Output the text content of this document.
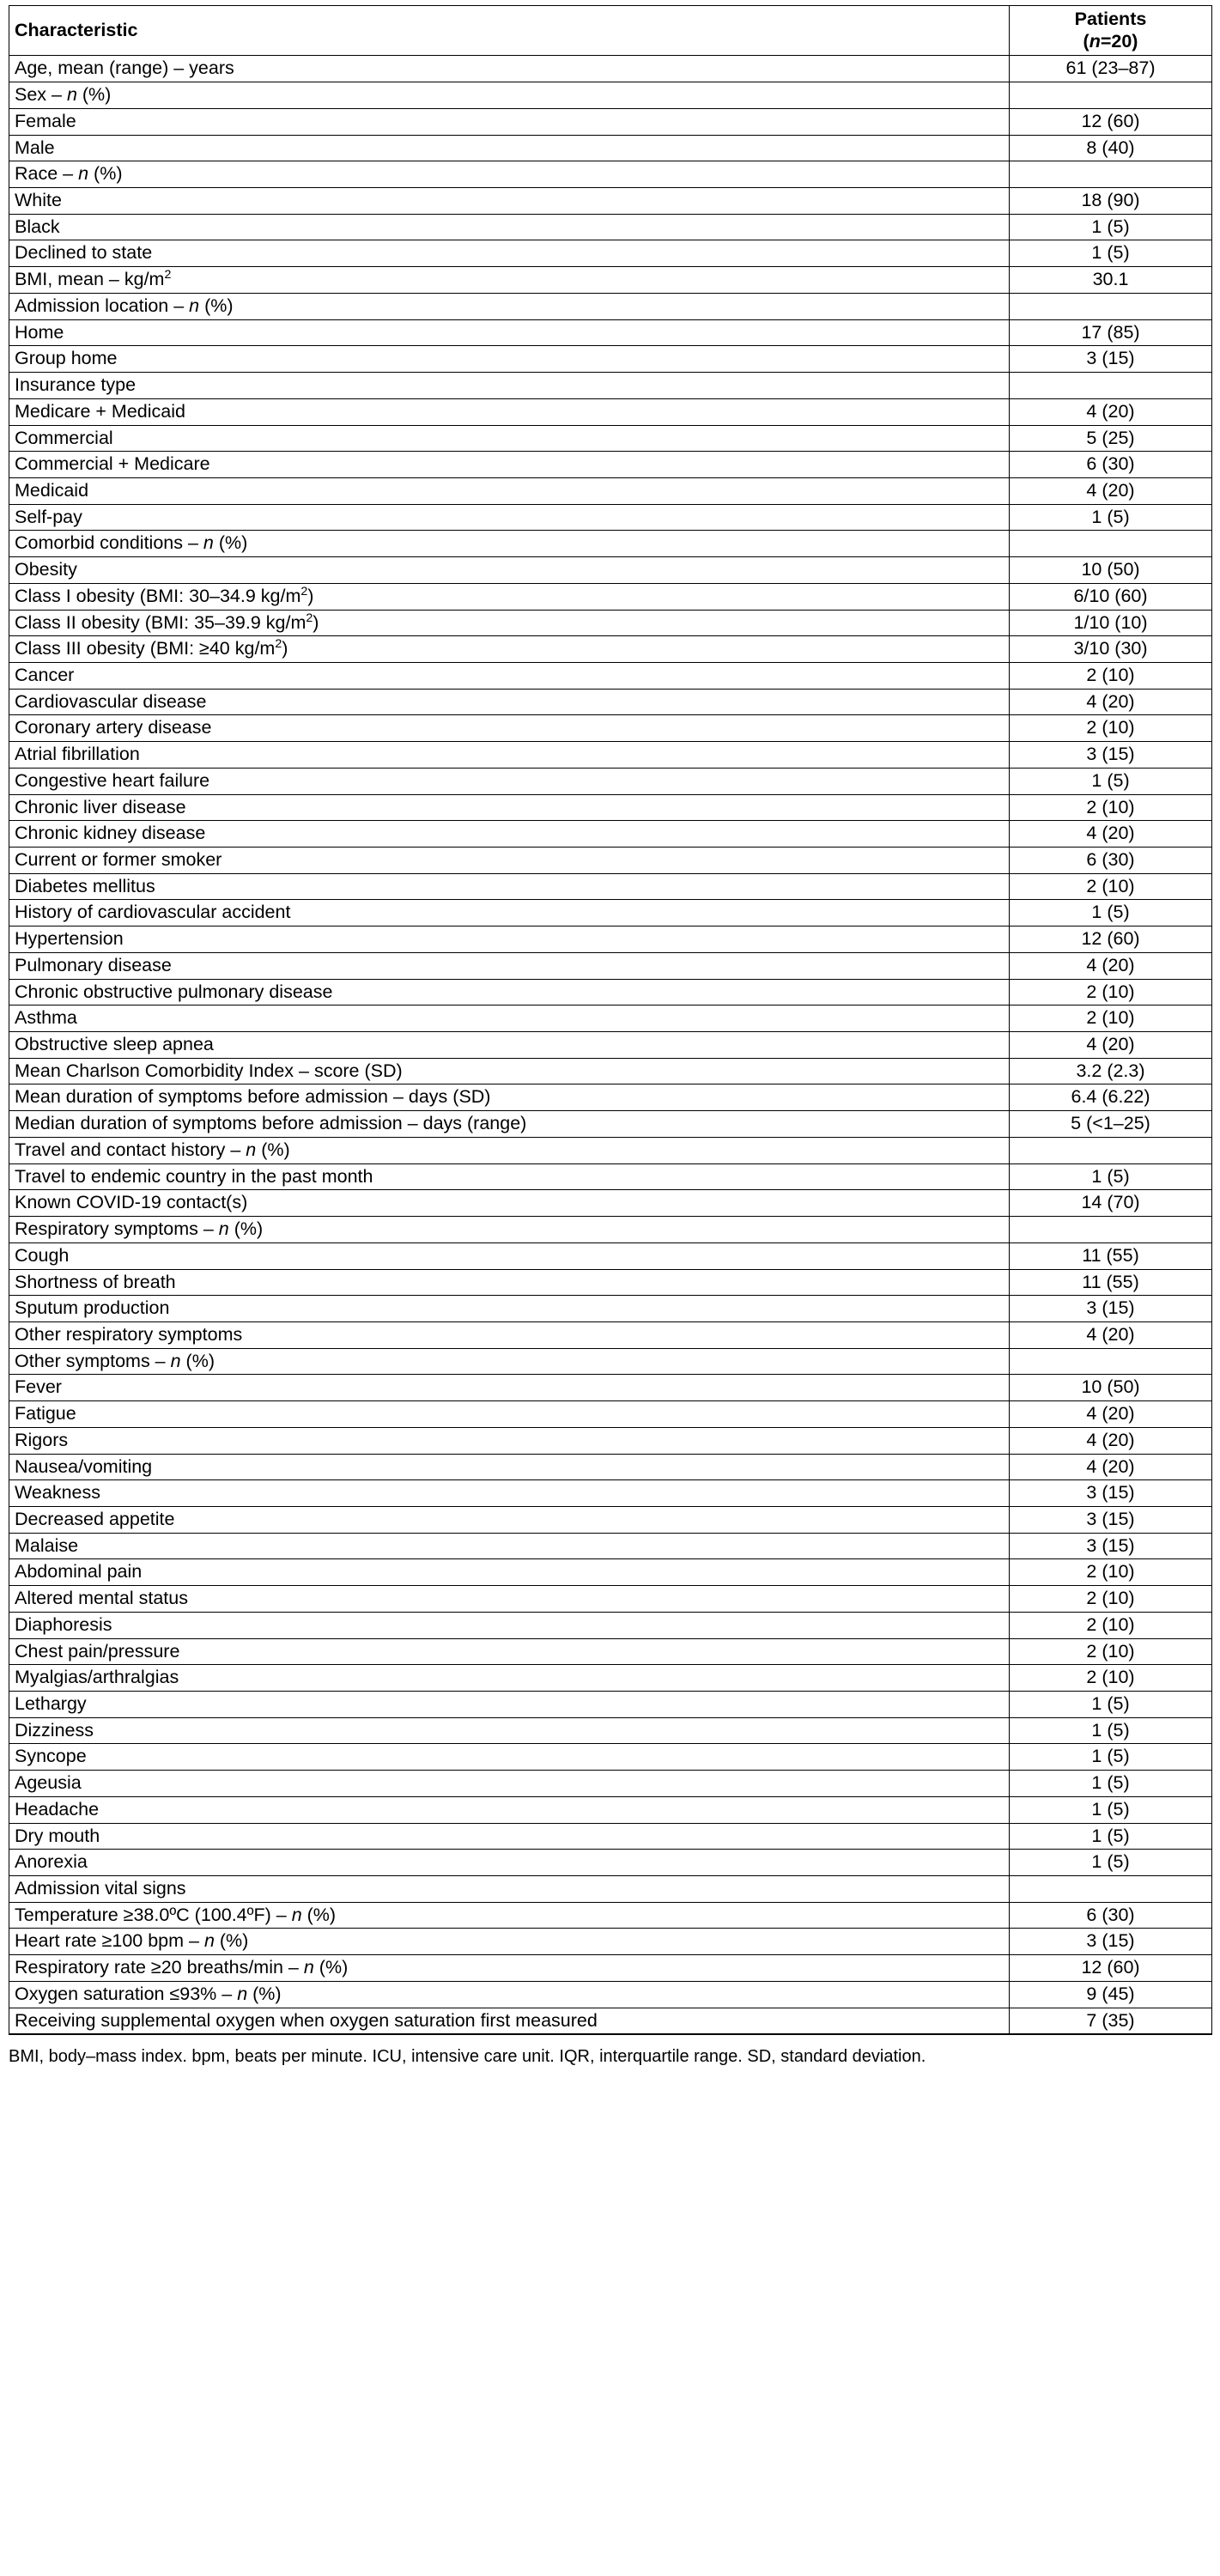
Characteristic	Patients
(n=20)
Age, mean (range) – years	61 (23–87)
Sex – n (%)	
Female	12 (60)
Male	8 (40)
Race – n (%)	
White	18 (90)
Black	1 (5)
Declined to state	1 (5)
BMI, mean – $kg/m^2$	30.1
Admission location – n (%)	
Home	17 (85)
Group home	3 (15)
Insurance type	
Medicare + Medicaid	4 (20)
Commercial	5 (25)
Commercial + Medicare	6 (30)
Medicaid	4 (20)
Self-pay	1 (5)
Comorbid conditions – n (%)	
Obesity	10 (50)
Class I obesity (BMI: 30–34.9 $kg/m^2$)	6/10 (60)
Class II obesity (BMI: 35–39.9 $kg/m^2$)	1/10 (10)
Class III obesity (BMI: ≥40 $kg/m^2$)	3/10 (30)
Cancer	2 (10)
Cardiovascular disease	4 (20)
Coronary artery disease	2 (10)
Atrial fibrillation	3 (15)
Congestive heart failure	1 (5)
Chronic liver disease	2 (10)
Chronic kidney disease	4 (20)
Current or former smoker	6 (30)
Diabetes mellitus	2 (10)
History of cardiovascular accident	1 (5)
Hypertension	12 (60)
Pulmonary disease	4 (20)
Chronic obstructive pulmonary disease	2 (10)
Asthma	2 (10)
Obstructive sleep apnea	4 (20)
Mean Charlson Comorbidity Index – score (SD)	3.2 (2.3)
Mean duration of symptoms before admission – days (SD)	6.4 (6.22)
Median duration of symptoms before admission – days (range)	5 (<1–25)
Travel and contact history – n (%)	
Travel to endemic country in the past month	1 (5)
Known COVID-19 contact(s)	14 (70)
Respiratory symptoms – n (%)	
Cough	11 (55)
Shortness of breath	11 (55)
Sputum production	3 (15)
Other respiratory symptoms	4 (20)
Other symptoms – n (%)	
Fever	10 (50)
Fatigue	4 (20)
Rigors	4 (20)
Nausea/vomiting	4 (20)
Weakness	3 (15)
Decreased appetite	3 (15)
Malaise	3 (15)
Abdominal pain	2 (10)
Altered mental status	2 (10)
Diaphoresis	2 (10)
Chest pain/pressure	2 (10)
Myalgias/arthralgias	2 (10)
Lethargy	1 (5)
Dizziness	1 (5)
Syncope	1 (5)
Ageusia	1 (5)
Headache	1 (5)
Dry mouth	1 (5)
Anorexia	1 (5)
Admission vital signs	
Temperature ≥38.0ºC (100.4ºF) – n (%)	6 (30)
Heart rate ≥100 bpm – n (%)	3 (15)
Respiratory rate ≥20 breaths/min – n (%)	12 (60)
Oxygen saturation ≤93% – n (%)	9 (45)
Receiving supplemental oxygen when oxygen saturation first measured	7 (35)
BMI, body–mass index. bpm, beats per minute. ICU, intensive care unit. IQR, interquartile range. SD, standard deviation.
